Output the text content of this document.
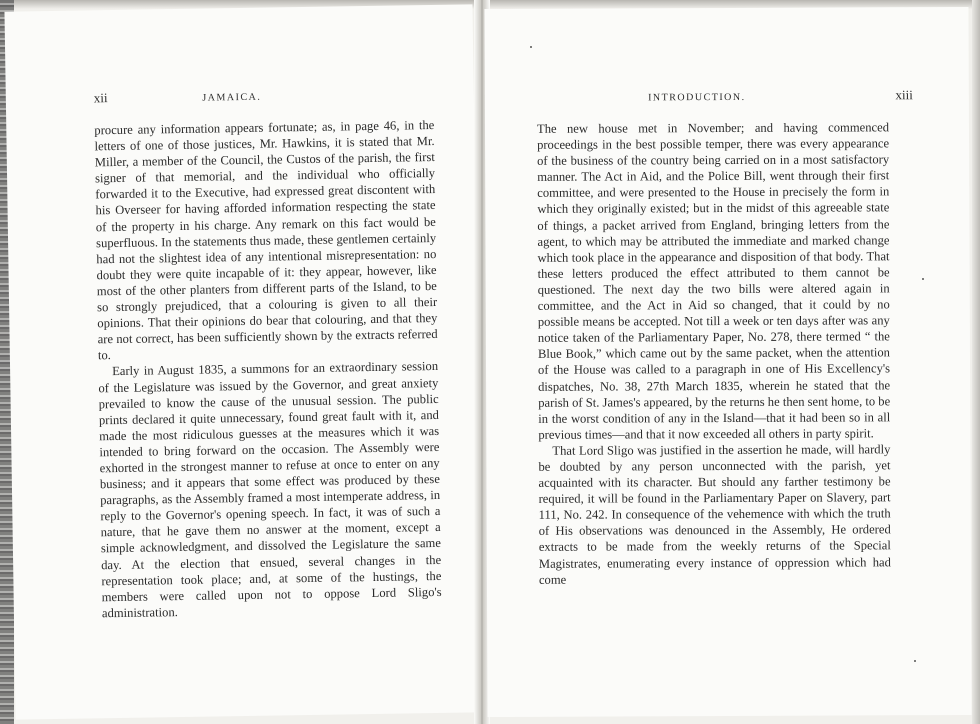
xii	JAMAICA.

procure any information appears fortunate; as, in page 46, in the letters of one of those justices, Mr. Hawkins, it is stated that Mr. Miller, a member of the Council, the Custos of the parish, the first signer of that memorial, and the individual who officially forwarded it to the Executive, had expressed great discontent with his Overseer for having afforded information respecting the state of the property in his charge. Any remark on this fact would be superfluous. In the statements thus made, these gentlemen certainly had not the slightest idea of any intentional misrepresentation: no doubt they were quite incapable of it: they appear, however, like most of the other planters from different parts of the Island, to be so strongly prejudiced, that a colouring is given to all their opinions. That their opinions do bear that colouring, and that they are not correct, has been sufficiently shown by the extracts referred to.

Early in August 1835, a summons for an extraordinary session of the Legislature was issued by the Governor, and great anxiety prevailed to know the cause of the unusual session. The public prints declared it quite unnecessary, found great fault with it, and made the most ridiculous guesses at the measures which it was intended to bring forward on the occasion. The Assembly were exhorted in the strongest manner to refuse at once to enter on any business; and it appears that some effect was produced by these paragraphs, as the Assembly framed a most intemperate address, in reply to the Governor's opening speech. In fact, it was of such a nature, that he gave them no answer at the moment, except a simple acknowledgment, and dissolved the Legislature the same day. At the election that ensued, several changes in the representation took place; and, at some of the hustings, the members were called upon not to oppose Lord Sligo's administration.

INTRODUCTION.	xiii

The new house met in November; and having commenced proceedings in the best possible temper, there was every appearance of the business of the country being carried on in a most satisfactory manner. The Act in Aid, and the Police Bill, went through their first committee, and were presented to the House in precisely the form in which they originally existed; but in the midst of this agreeable state of things, a packet arrived from England, bringing letters from the agent, to which may be attributed the immediate and marked change which took place in the appearance and disposition of that body. That these letters produced the effect attributed to them cannot be questioned. The next day the two bills were altered again in committee, and the Act in Aid so changed, that it could by no possible means be accepted. Not till a week or ten days after was any notice taken of the Parliamentary Paper, No. 278, there termed “ the Blue Book,” which came out by the same packet, when the attention of the House was called to a paragraph in one of His Excellency's dispatches, No. 38, 27th March 1835, wherein he stated that the parish of St. James's appeared, by the returns he then sent home, to be in the worst condition of any in the Island—that it had been so in all previous times—and that it now exceeded all others in party spirit.

That Lord Sligo was justified in the assertion he made, will hardly be doubted by any person unconnected with the parish, yet acquainted with its character. But should any farther testimony be required, it will be found in the Parliamentary Paper on Slavery, part 111, No. 242. In consequence of the vehemence with which the truth of His observations was denounced in the Assembly, He ordered extracts to be made from the weekly returns of the Special Magistrates, enumerating every instance of oppression which had come
